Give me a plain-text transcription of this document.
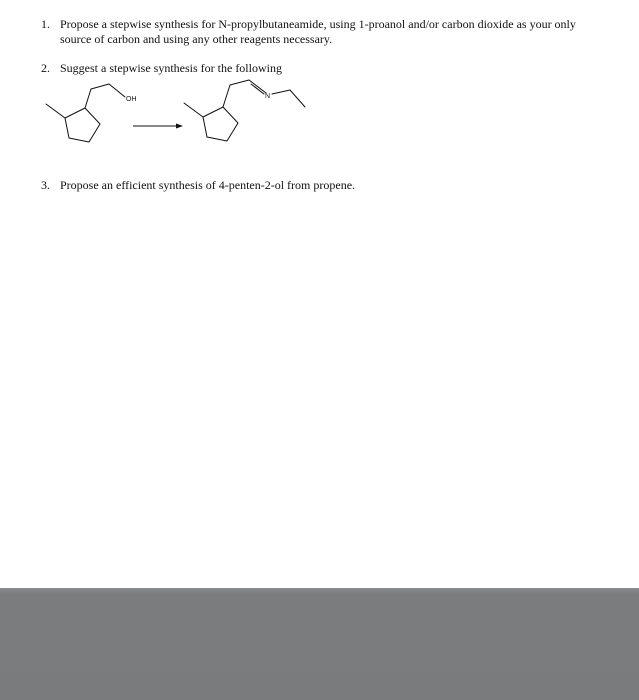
1. Propose a stepwise synthesis for N-propylbutaneamide, using 1-proanol and/or carbon dioxide as your only
source of carbon and using any other reagents necessary.
2. Suggest a stepwise synthesis for the following
OH	N
3. Propose an efficient synthesis of 4-penten-2-ol from propene.
